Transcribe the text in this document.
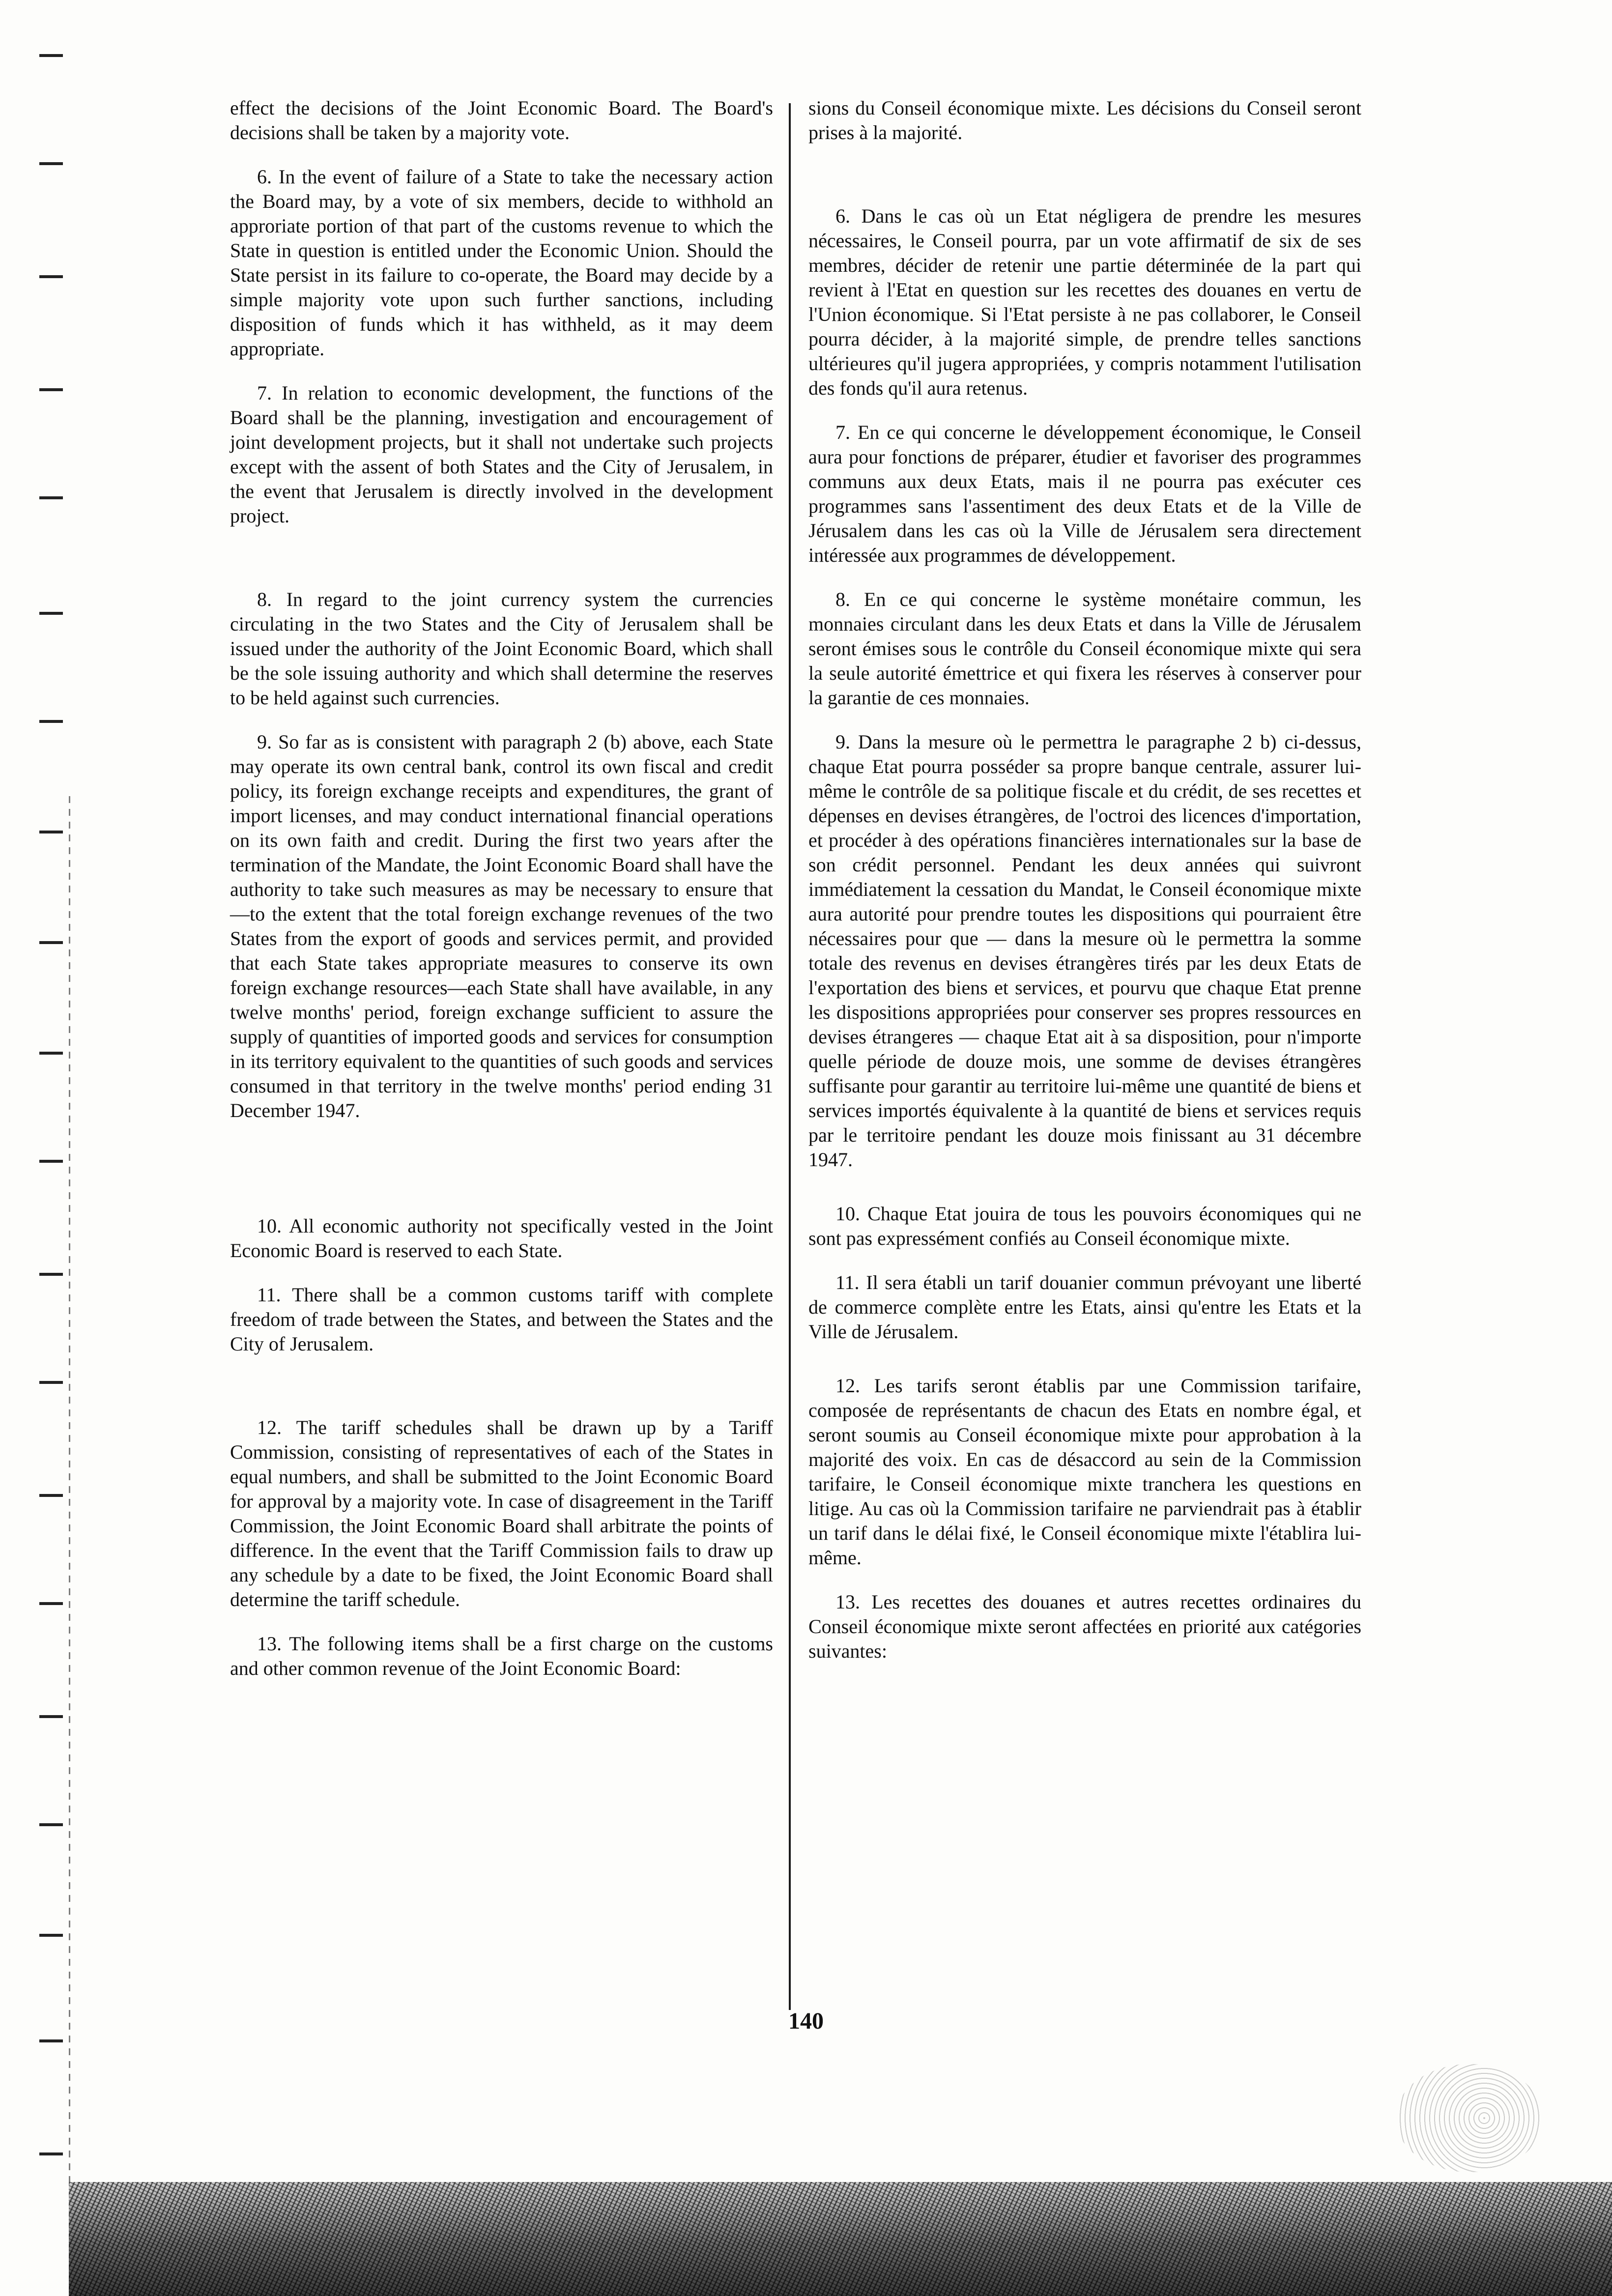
effect the decisions of the Joint Economic Board. The Board's decisions shall be taken by a majority vote.

6. In the event of failure of a State to take the necessary action the Board may, by a vote of six members, decide to withhold an approriate portion of that part of the customs revenue to which the State in question is entitled under the Economic Union. Should the State persist in its failure to co-operate, the Board may decide by a simple majority vote upon such further sanctions, including disposition of funds which it has withheld, as it may deem appropriate.

7. In relation to economic development, the functions of the Board shall be the planning, investigation and encouragement of joint development projects, but it shall not undertake such projects except with the assent of both States and the City of Jerusalem, in the event that Jerusalem is directly involved in the development project.

8. In regard to the joint currency system the currencies circulating in the two States and the City of Jerusalem shall be issued under the authority of the Joint Economic Board, which shall be the sole issuing authority and which shall determine the reserves to be held against such currencies.

9. So far as is consistent with paragraph 2 (b) above, each State may operate its own central bank, control its own fiscal and credit policy, its foreign exchange receipts and expenditures, the grant of import licenses, and may conduct international financial operations on its own faith and credit. During the first two years after the termination of the Mandate, the Joint Economic Board shall have the authority to take such measures as may be necessary to ensure that—to the extent that the total foreign exchange revenues of the two States from the export of goods and services permit, and provided that each State takes appropriate measures to conserve its own foreign exchange resources—each State shall have available, in any twelve months' period, foreign exchange sufficient to assure the supply of quantities of imported goods and services for consumption in its territory equivalent to the quantities of such goods and services consumed in that territory in the twelve months' period ending 31 December 1947.

10. All economic authority not specifically vested in the Joint Economic Board is reserved to each State.

11. There shall be a common customs tariff with complete freedom of trade between the States, and between the States and the City of Jerusalem.

12. The tariff schedules shall be drawn up by a Tariff Commission, consisting of representatives of each of the States in equal numbers, and shall be submitted to the Joint Economic Board for approval by a majority vote. In case of disagreement in the Tariff Commission, the Joint Economic Board shall arbitrate the points of difference. In the event that the Tariff Commission fails to draw up any schedule by a date to be fixed, the Joint Economic Board shall determine the tariff schedule.

13. The following items shall be a first charge on the customs and other common revenue of the Joint Economic Board:

sions du Conseil économique mixte. Les décisions du Conseil seront prises à la majorité.

6. Dans le cas où un Etat négligera de prendre les mesures nécessaires, le Conseil pourra, par un vote affirmatif de six de ses membres, décider de retenir une partie déterminée de la part qui revient à l'Etat en question sur les recettes des douanes en vertu de l'Union économique. Si l'Etat persiste à ne pas collaborer, le Conseil pourra décider, à la majorité simple, de prendre telles sanctions ultérieures qu'il jugera appropriées, y compris notamment l'utilisation des fonds qu'il aura retenus.

7. En ce qui concerne le développement économique, le Conseil aura pour fonctions de préparer, étudier et favoriser des programmes communs aux deux Etats, mais il ne pourra pas exécuter ces programmes sans l'assentiment des deux Etats et de la Ville de Jérusalem dans les cas où la Ville de Jérusalem sera directement intéressée aux programmes de développement.

8. En ce qui concerne le système monétaire commun, les monnaies circulant dans les deux Etats et dans la Ville de Jérusalem seront émises sous le contrôle du Conseil économique mixte qui sera la seule autorité émettrice et qui fixera les réserves à conserver pour la garantie de ces monnaies.

9. Dans la mesure où le permettra le paragraphe 2 b) ci-dessus, chaque Etat pourra posséder sa propre banque centrale, assurer lui-même le contrôle de sa politique fiscale et du crédit, de ses recettes et dépenses en devises étrangères, de l'octroi des licences d'importation, et procéder à des opérations financières internationales sur la base de son crédit personnel. Pendant les deux années qui suivront immédiatement la cessation du Mandat, le Conseil économique mixte aura autorité pour prendre toutes les dispositions qui pourraient être nécessaires pour que — dans la mesure où le permettra la somme totale des revenus en devises étrangères tirés par les deux Etats de l'exportation des biens et services, et pourvu que chaque Etat prenne les dispositions appropriées pour conserver ses propres ressources en devises étrangeres — chaque Etat ait à sa disposition, pour n'importe quelle période de douze mois, une somme de devises étrangères suffisante pour garantir au territoire lui-même une quantité de biens et services importés équivalente à la quantité de biens et services requis par le territoire pendant les douze mois finissant au 31 décembre 1947.

10. Chaque Etat jouira de tous les pouvoirs économiques qui ne sont pas expressément confiés au Conseil économique mixte.

11. Il sera établi un tarif douanier commun prévoyant une liberté de commerce complète entre les Etats, ainsi qu'entre les Etats et la Ville de Jérusalem.

12. Les tarifs seront établis par une Commission tarifaire, composée de représentants de chacun des Etats en nombre égal, et seront soumis au Conseil économique mixte pour approbation à la majorité des voix. En cas de désaccord au sein de la Commission tarifaire, le Conseil économique mixte tranchera les questions en litige. Au cas où la Commission tarifaire ne parviendrait pas à établir un tarif dans le délai fixé, le Conseil économique mixte l'établira lui-même.

13. Les recettes des douanes et autres recettes ordinaires du Conseil économique mixte seront affectées en priorité aux catégories suivantes:

140
